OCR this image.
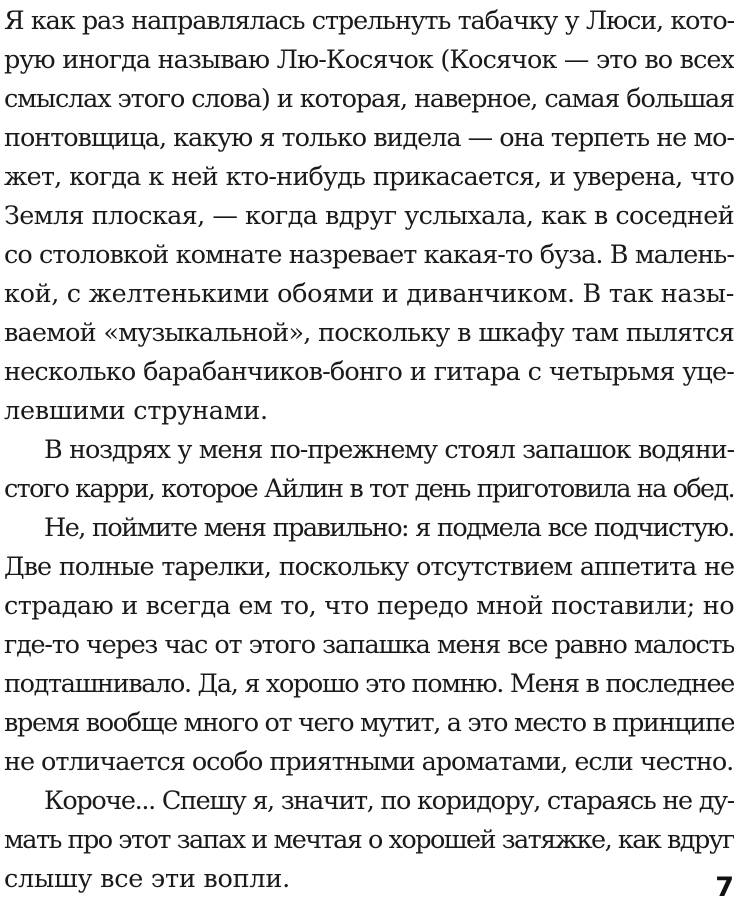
Я как раз направлялась стрельнуть табачку у Люси, кото-
рую иногда называю Лю-Косячок (Косячок — это во всех
смыслах этого слова) и которая, наверное, самая большая
понтовщица, какую я только видела — она терпеть не мо-
жет, когда к ней кто-нибудь прикасается, и уверена, что
Земля плоская, — когда вдруг услыхала, как в соседней
со столовкой комнате назревает какая-то буза. В малень-
кой, с желтенькими обоями и диванчиком. В так назы-
ваемой «музыкальной», поскольку в шкафу там пылятся
несколько барабанчиков-бонго и гитара с четырьмя уце-
левшими струнами.
В ноздрях у меня по-прежнему стоял запашок водяни-
стого карри, которое Айлин в тот день приготовила на обед.
Не, поймите меня правильно: я подмела все подчистую.
Две полные тарелки, поскольку отсутствием аппетита не
страдаю и всегда ем то, что передо мной поставили; но
где-то через час от этого запашка меня все равно малость
подташнивало. Да, я хорошо это помню. Меня в последнее
время вообще много от чего мутит, а это место в принципе
не отличается особо приятными ароматами, если честно.
Короче... Спешу я, значит, по коридору, стараясь не ду-
мать про этот запах и мечтая о хорошей затяжке, как вдруг
слышу все эти вопли.	7
